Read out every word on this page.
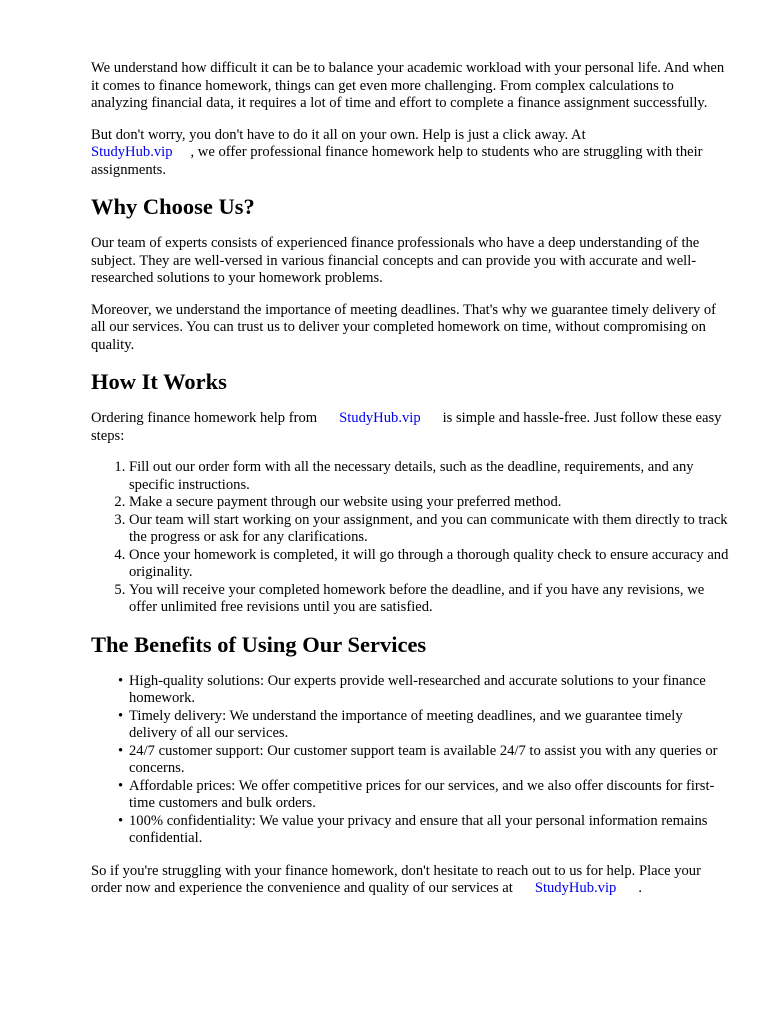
We understand how difficult it can be to balance your academic workload with your personal life. And when it comes to finance homework, things can get even more challenging. From complex calculations to analyzing financial data, it requires a lot of time and effort to complete a finance assignment successfully.

But don't worry, you don't have to do it all on your own. Help is just a click away. At
StudyHub.vip , we offer professional finance homework help to students who are struggling with their assignments.

Why Choose Us?

Our team of experts consists of experienced finance professionals who have a deep understanding of the subject. They are well-versed in various financial concepts and can provide you with accurate and well-researched solutions to your homework problems.

Moreover, we understand the importance of meeting deadlines. That's why we guarantee timely delivery of all our services. You can trust us to deliver your completed homework on time, without compromising on quality.

How It Works

Ordering finance homework help from StudyHub.vip is simple and hassle-free. Just follow these easy steps:

1. Fill out our order form with all the necessary details, such as the deadline, requirements, and any specific instructions.
2. Make a secure payment through our website using your preferred method.
3. Our team will start working on your assignment, and you can communicate with them directly to track the progress or ask for any clarifications.
4. Once your homework is completed, it will go through a thorough quality check to ensure accuracy and originality.
5. You will receive your completed homework before the deadline, and if you have any revisions, we offer unlimited free revisions until you are satisfied.
The Benefits of Using Our Services
• High-quality solutions: Our experts provide well-researched and accurate solutions to your finance homework.
• Timely delivery: We understand the importance of meeting deadlines, and we guarantee timely delivery of all our services.
• 24/7 customer support: Our customer support team is available 24/7 to assist you with any queries or concerns.
• Affordable prices: We offer competitive prices for our services, and we also offer discounts for first-time customers and bulk orders.
• 100% confidentiality: We value your privacy and ensure that all your personal information remains confidential.

So if you're struggling with your finance homework, don't hesitate to reach out to us for help. Place your order now and experience the convenience and quality of our services at StudyHub.vip .
